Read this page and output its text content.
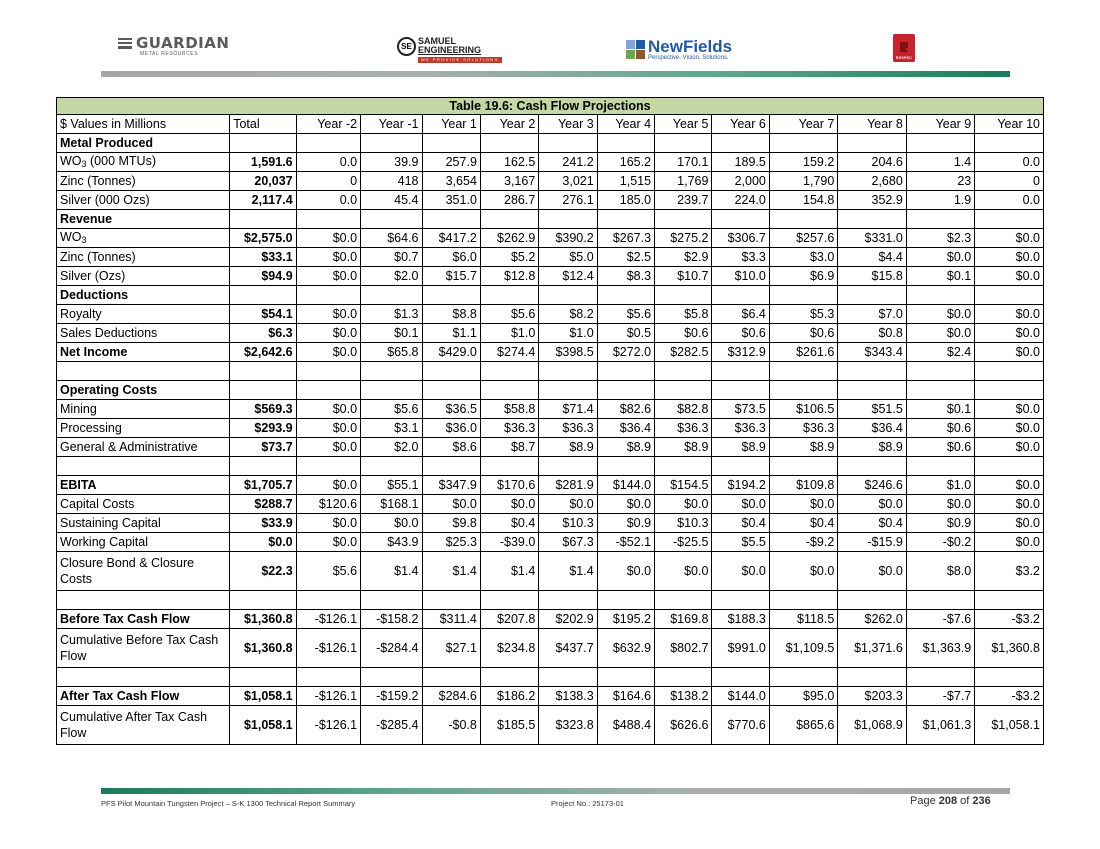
GUARDIAN
METAL RESOURCES
SE
SAMUEL
ENGINEERING
WE PROVIDE SOLUTIONS
NewFields
Perspective. Vision. Solutions.	RESPEC
Table 19.6: Cash Flow Projections													
$ Values in Millions	Total	Year -2	Year -1	Year 1	Year 2	Year 3	Year 4	Year 5	Year 6	Year 7	Year 8	Year 9	Year 10
Metal Produced													
$WO_3$ (000 MTUs)	1,591.6	0.0	39.9	257.9	162.5	241.2	165.2	170.1	189.5	159.2	204.6	1.4	0.0
Zinc (Tonnes)	20,037	0	418	3,654	3,167	3,021	1,515	1,769	2,000	1,790	2,680	23	0
Silver (000 Ozs)	2,117.4	0.0	45.4	351.0	286.7	276.1	185.0	239.7	224.0	154.8	352.9	1.9	0.0
Revenue													
$WO_3$	$2,575.0	$0.0	$64.6	$417.2	$262.9	$390.2	$267.3	$275.2	$306.7	$257.6	$331.0	$2.3	$0.0
Zinc (Tonnes)	$33.1	$0.0	$0.7	$6.0	$5.2	$5.0	$2.5	$2.9	$3.3	$3.0	$4.4	$0.0	$0.0
Silver (Ozs)	$94.9	$0.0	$2.0	$15.7	$12.8	$12.4	$8.3	$10.7	$10.0	$6.9	$15.8	$0.1	$0.0
Deductions													
Royalty	$54.1	$0.0	$1.3	$8.8	$5.6	$8.2	$5.6	$5.8	$6.4	$5.3	$7.0	$0.0	$0.0
Sales Deductions	$6.3	$0.0	$0.1	$1.1	$1.0	$1.0	$0.5	$0.6	$0.6	$0.6	$0.8	$0.0	$0.0
Net Income	$2,642.6	$0.0	$65.8	$429.0	$274.4	$398.5	$272.0	$282.5	$312.9	$261.6	$343.4	$2.4	$0.0

Operating Costs													
Mining	$569.3	$0.0	$5.6	$36.5	$58.8	$71.4	$82.6	$82.8	$73.5	$106.5	$51.5	$0.1	$0.0
Processing	$293.9	$0.0	$3.1	$36.0	$36.3	$36.3	$36.4	$36.3	$36.3	$36.3	$36.4	$0.6	$0.0
General & Administrative	$73.7	$0.0	$2.0	$8.6	$8.7	$8.9	$8.9	$8.9	$8.9	$8.9	$8.9	$0.6	$0.0

EBITA	$1,705.7	$0.0	$55.1	$347.9	$170.6	$281.9	$144.0	$154.5	$194.2	$109.8	$246.6	$1.0	$0.0
Capital Costs	$288.7	$120.6	$168.1	$0.0	$0.0	$0.0	$0.0	$0.0	$0.0	$0.0	$0.0	$0.0	$0.0
Sustaining Capital	$33.9	$0.0	$0.0	$9.8	$0.4	$10.3	$0.9	$10.3	$0.4	$0.4	$0.4	$0.9	$0.0
Working Capital	$0.0	$0.0	$43.9	$25.3	-$39.0	$67.3	-$52.1	-$25.5	$5.5	-$9.2	-$15.9	-$0.2	$0.0
Closure Bond & Closure Costs	$22.3	$5.6	$1.4	$1.4	$1.4	$1.4	$0.0	$0.0	$0.0	$0.0	$0.0	$8.0	$3.2

Before Tax Cash Flow	$1,360.8	-$126.1	-$158.2	$311.4	$207.8	$202.9	$195.2	$169.8	$188.3	$118.5	$262.0	-$7.6	-$3.2
Cumulative Before Tax Cash Flow	$1,360.8	-$126.1	-$284.4	$27.1	$234.8	$437.7	$632.9	$802.7	$991.0	$1,109.5	$1,371.6	$1,363.9	$1,360.8

After Tax Cash Flow	$1,058.1	-$126.1	-$159.2	$284.6	$186.2	$138.3	$164.6	$138.2	$144.0	$95.0	$203.3	-$7.7	-$3.2
Cumulative After Tax Cash Flow	$1,058.1	-$126.1	-$285.4	-$0.8	$185.5	$323.8	$488.4	$626.6	$770.6	$865.6	$1,068.9	$1,061.3	$1,058.1
PFS Pilot Mountain Tungsten Project – S-K 1300 Technical Report Summary	Project No.: 25173-01	Page 208 of 236
